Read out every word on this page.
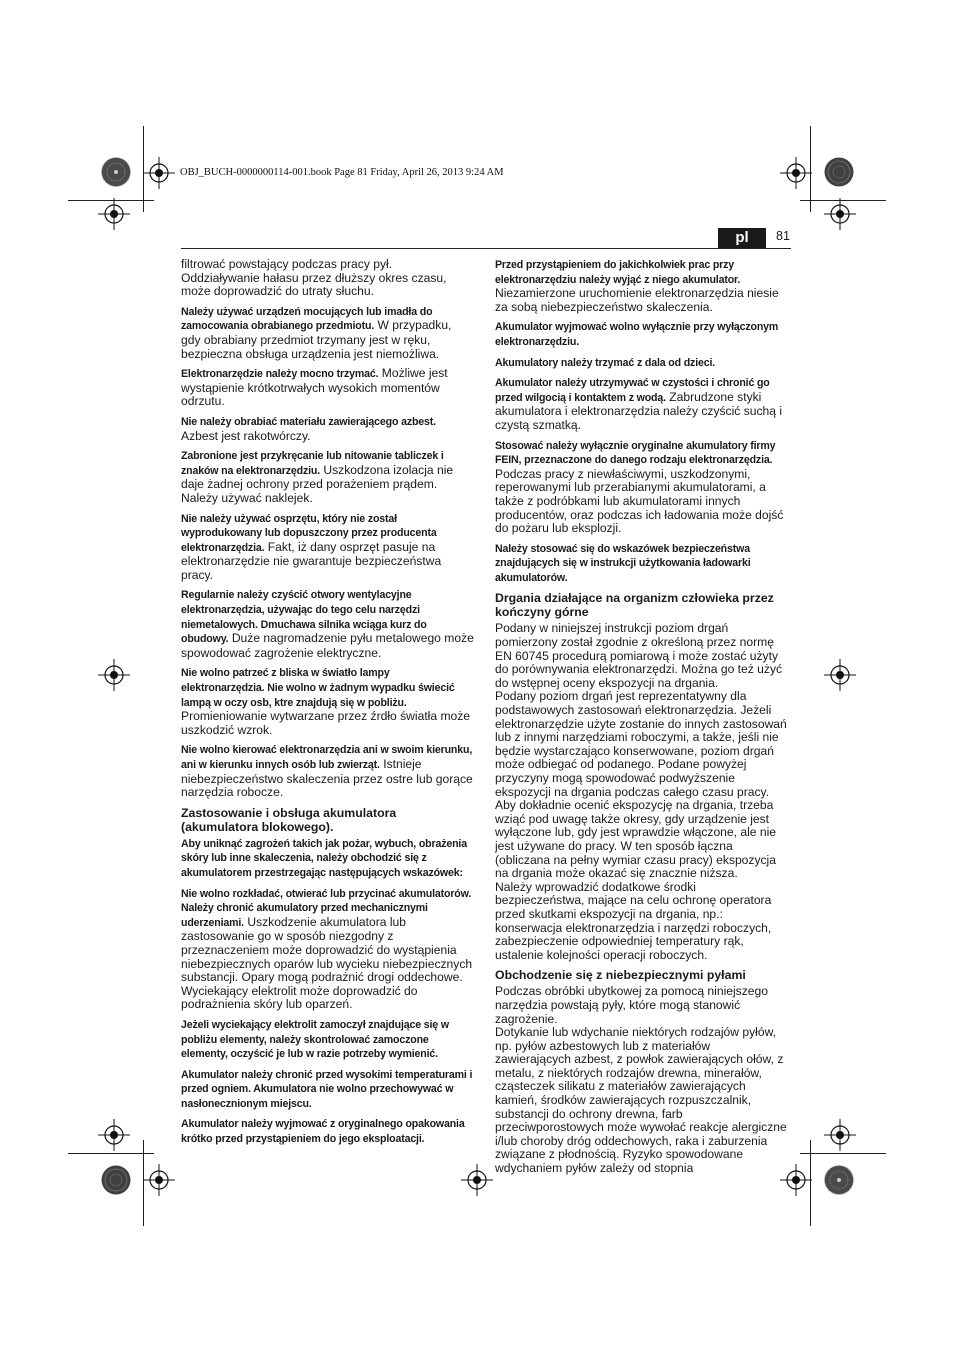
OBJ_BUCH-0000000114-001.book Page 81 Friday, April 26, 2013 9:24 AM
pl	81

filtrować powstający podczas pracy pył. Oddziaływanie hałasu przez dłuższy okres czasu, może doprowadzić do utraty słuchu.

Należy używać urządzeń mocujących lub imadła do zamocowania obrabianego przedmiotu. W przypadku, gdy obrabiany przedmiot trzymany jest w ręku, bezpieczna obsługa urządzenia jest niemożliwa.

Elektronarzędzie należy mocno trzymać. Możliwe jest wystąpienie krótkotrwałych wysokich momentów odrzutu.

Nie należy obrabiać materiału zawierającego azbest. Azbest jest rakotwórczy.

Zabronione jest przykręcanie lub nitowanie tabliczek i znaków na elektronarzędziu. Uszkodzona izolacja nie daje żadnej ochrony przed porażeniem prądem. Należy używać naklejek.

Nie należy używać osprzętu, który nie został wyprodukowany lub dopuszczony przez producenta elektronarzędzia. Fakt, iż dany osprzęt pasuje na elektronarzędzie nie gwarantuje bezpieczeństwa pracy.

Regularnie należy czyścić otwory wentylacyjne elektronarzędzia, używając do tego celu narzędzi niemetalowych. Dmuchawa silnika wciąga kurz do obudowy. Duże nagromadzenie pyłu metalowego może spowodować zagrożenie elektryczne.

Nie wolno patrzeć z bliska w światło lampy elektronarzędzia. Nie wolno w żadnym wypadku świecić lampą w oczy osb, ktre znajdują się w pobliżu. Promieniowanie wytwarzane przez źrdło światła może uszkodzić wzrok.

Nie wolno kierować elektronarzędzia ani w swoim kierunku, ani w kierunku innych osób lub zwierząt. Istnieje niebezpieczeństwo skaleczenia przez ostre lub gorące narzędzia robocze.

Zastosowanie i obsługa akumulatora (akumulatora blokowego).

Aby uniknąć zagrożeń takich jak pożar, wybuch, obrażenia skóry lub inne skaleczenia, należy obchodzić się z akumulatorem przestrzegając następujących wskazówek:

Nie wolno rozkładać, otwierać lub przycinać akumulatorów. Należy chronić akumulatory przed mechanicznymi uderzeniami. Uszkodzenie akumulatora lub zastosowanie go w sposób niezgodny z przeznaczeniem może doprowadzić do wystąpienia niebezpiecznych oparów lub wycieku niebezpiecznych substancji. Opary mogą podrażnić drogi oddechowe. Wyciekający elektrolit może doprowadzić do podrażnienia skóry lub oparzeń.

Jeżeli wyciekający elektrolit zamoczył znajdujące się w pobliżu elementy, należy skontrolować zamoczone elementy, oczyścić je lub w razie potrzeby wymienić.

Akumulator należy chronić przed wysokimi temperaturami i przed ogniem. Akumulatora nie wolno przechowywać w nasłonecznionym miejscu.

Akumulator należy wyjmować z oryginalnego opakowania krótko przed przystąpieniem do jego eksploatacji.

Przed przystąpieniem do jakichkolwiek prac przy elektronarzędziu należy wyjąć z niego akumulator. Niezamierzone uruchomienie elektronarzędzia niesie za sobą niebezpieczeństwo skaleczenia.

Akumulator wyjmować wolno wyłącznie przy wyłączonym elektronarzędziu.

Akumulatory należy trzymać z dala od dzieci.

Akumulator należy utrzymywać w czystości i chronić go przed wilgocią i kontaktem z wodą. Zabrudzone styki akumulatora i elektronarzędzia należy czyścić suchą i czystą szmatką.

Stosować należy wyłącznie oryginalne akumulatory firmy FEIN, przeznaczone do danego rodzaju elektronarzędzia. Podczas pracy z niewłaściwymi, uszkodzonymi, reperowanymi lub przerabianymi akumulatorami, a także z podróbkami lub akumulatorami innych producentów, oraz podczas ich ładowania może dojść do pożaru lub eksplozji.

Należy stosować się do wskazówek bezpieczeństwa znajdujących się w instrukcji użytkowania ładowarki akumulatorów.

Drgania działające na organizm człowieka przez kończyny górne

Podany w niniejszej instrukcji poziom drgań pomierzony został zgodnie z określoną przez normę EN 60745 procedurą pomiarową i może zostać użyty do porównywania elektronarzędzi. Można go też użyć do wstępnej oceny ekspozycji na drgania.

Podany poziom drgań jest reprezentatywny dla podstawowych zastosowań elektronarzędzia. Jeżeli elektronarzędzie użyte zostanie do innych zastosowań lub z innymi narzędziami roboczymi, a także, jeśli nie będzie wystarczająco konserwowane, poziom drgań może odbiegać od podanego. Podane powyżej przyczyny mogą spowodować podwyższenie ekspozycji na drgania podczas całego czasu pracy.

Aby dokładnie ocenić ekspozycję na drgania, trzeba wziąć pod uwagę także okresy, gdy urządzenie jest wyłączone lub, gdy jest wprawdzie włączone, ale nie jest używane do pracy. W ten sposób łączna (obliczana na pełny wymiar czasu pracy) ekspozycja na drgania może okazać się znacznie niższa.

Należy wprowadzić dodatkowe środki bezpieczeństwa, mające na celu ochronę operatora przed skutkami ekspozycji na drgania, np.: konserwacja elektronarzędzia i narzędzi roboczych, zabezpieczenie odpowiedniej temperatury rąk, ustalenie kolejności operacji roboczych.

Obchodzenie się z niebezpiecznymi pyłami

Podczas obróbki ubytkowej za pomocą niniejszego narzędzia powstają pyły, które mogą stanowić zagrożenie.

Dotykanie lub wdychanie niektórych rodzajów pyłów, np. pyłów azbestowych lub z materiałów zawierających azbest, z powłok zawierających ołów, z metalu, z niektórych rodzajów drewna, minerałów, cząsteczek silikatu z materiałów zawierających kamień, środków zawierających rozpuszczalnik, substancji do ochrony drewna, farb przeciwporostowych może wywołać reakcje alergiczne i/lub choroby dróg oddechowych, raka i zaburzenia związane z płodnością. Ryzyko spowodowane wdychaniem pyłów zależy od stopnia
